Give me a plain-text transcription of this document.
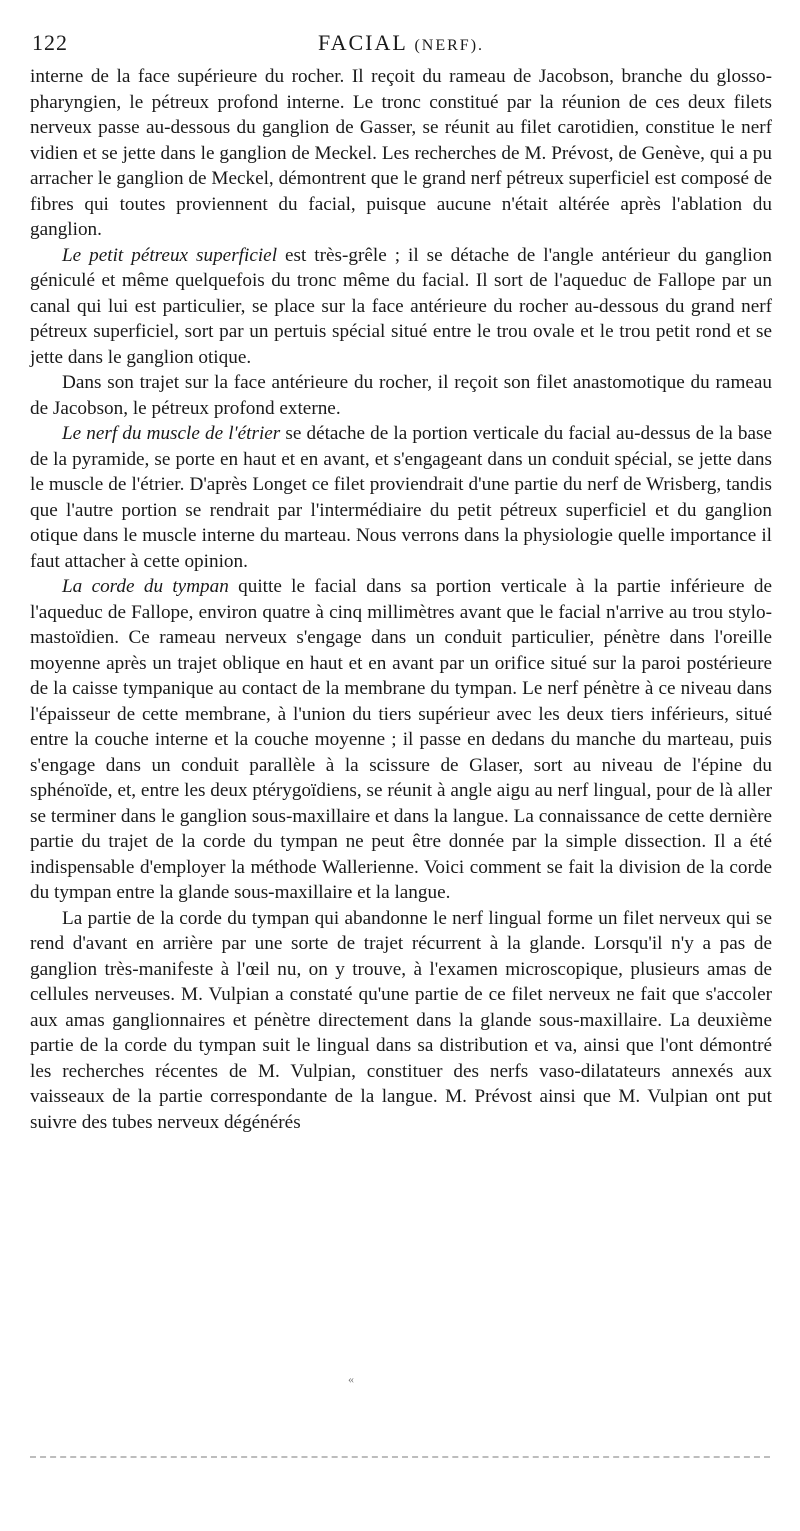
122	FACIAL (NERF).

interne de la face supérieure du rocher. Il reçoit du rameau de Jacobson, branche du glosso-pharyngien, le pétreux profond interne. Le tronc constitué par la réunion de ces deux filets nerveux passe au-dessous du ganglion de Gasser, se réunit au filet carotidien, constitue le nerf vidien et se jette dans le ganglion de Meckel. Les recherches de M. Prévost, de Genève, qui a pu arracher le ganglion de Meckel, démontrent que le grand nerf pétreux superficiel est composé de fibres qui toutes proviennent du facial, puisque aucune n'était altérée après l'ablation du ganglion.

Le petit pétreux superficiel est très-grêle ; il se détache de l'angle antérieur du ganglion géniculé et même quelquefois du tronc même du facial. Il sort de l'aqueduc de Fallope par un canal qui lui est particulier, se place sur la face antérieure du rocher au-dessous du grand nerf pétreux superficiel, sort par un pertuis spécial situé entre le trou ovale et le trou petit rond et se jette dans le ganglion otique.

Dans son trajet sur la face antérieure du rocher, il reçoit son filet anastomotique du rameau de Jacobson, le pétreux profond externe.

Le nerf du muscle de l'étrier se détache de la portion verticale du facial au-dessus de la base de la pyramide, se porte en haut et en avant, et s'engageant dans un conduit spécial, se jette dans le muscle de l'étrier. D'après Longet ce filet proviendrait d'une partie du nerf de Wrisberg, tandis que l'autre portion se rendrait par l'intermédiaire du petit pétreux superficiel et du ganglion otique dans le muscle interne du marteau. Nous verrons dans la physiologie quelle importance il faut attacher à cette opinion.

La corde du tympan quitte le facial dans sa portion verticale à la partie inférieure de l'aqueduc de Fallope, environ quatre à cinq millimètres avant que le facial n'arrive au trou stylo-mastoïdien. Ce rameau nerveux s'engage dans un conduit particulier, pénètre dans l'oreille moyenne après un trajet oblique en haut et en avant par un orifice situé sur la paroi postérieure de la caisse tympanique au contact de la membrane du tympan. Le nerf pénètre à ce niveau dans l'épaisseur de cette membrane, à l'union du tiers supérieur avec les deux tiers inférieurs, situé entre la couche interne et la couche moyenne ; il passe en dedans du manche du marteau, puis s'engage dans un conduit parallèle à la scissure de Glaser, sort au niveau de l'épine du sphénoïde, et, entre les deux ptérygoïdiens, se réunit à angle aigu au nerf lingual, pour de là aller se terminer dans le ganglion sous-maxillaire et dans la langue. La connaissance de cette dernière partie du trajet de la corde du tympan ne peut être donnée par la simple dissection. Il a été indispensable d'employer la méthode Wallerienne. Voici comment se fait la division de la corde du tympan entre la glande sous-maxillaire et la langue.

La partie de la corde du tympan qui abandonne le nerf lingual forme un filet nerveux qui se rend d'avant en arrière par une sorte de trajet récurrent à la glande. Lorsqu'il n'y a pas de ganglion très-manifeste à l'œil nu, on y trouve, à l'examen microscopique, plusieurs amas de cellules nerveuses. M. Vulpian a constaté qu'une partie de ce filet nerveux ne fait que s'accoler aux amas ganglionnaires et pénètre directement dans la glande sous-maxillaire. La deuxième partie de la corde du tympan suit le lingual dans sa distribution et va, ainsi que l'ont démontré les recherches récentes de M. Vulpian, constituer des nerfs vaso-dilatateurs annexés aux vaisseaux de la partie correspondante de la langue. M. Prévost ainsi que M. Vulpian ont put suivre des tubes nerveux dégénérés

«
